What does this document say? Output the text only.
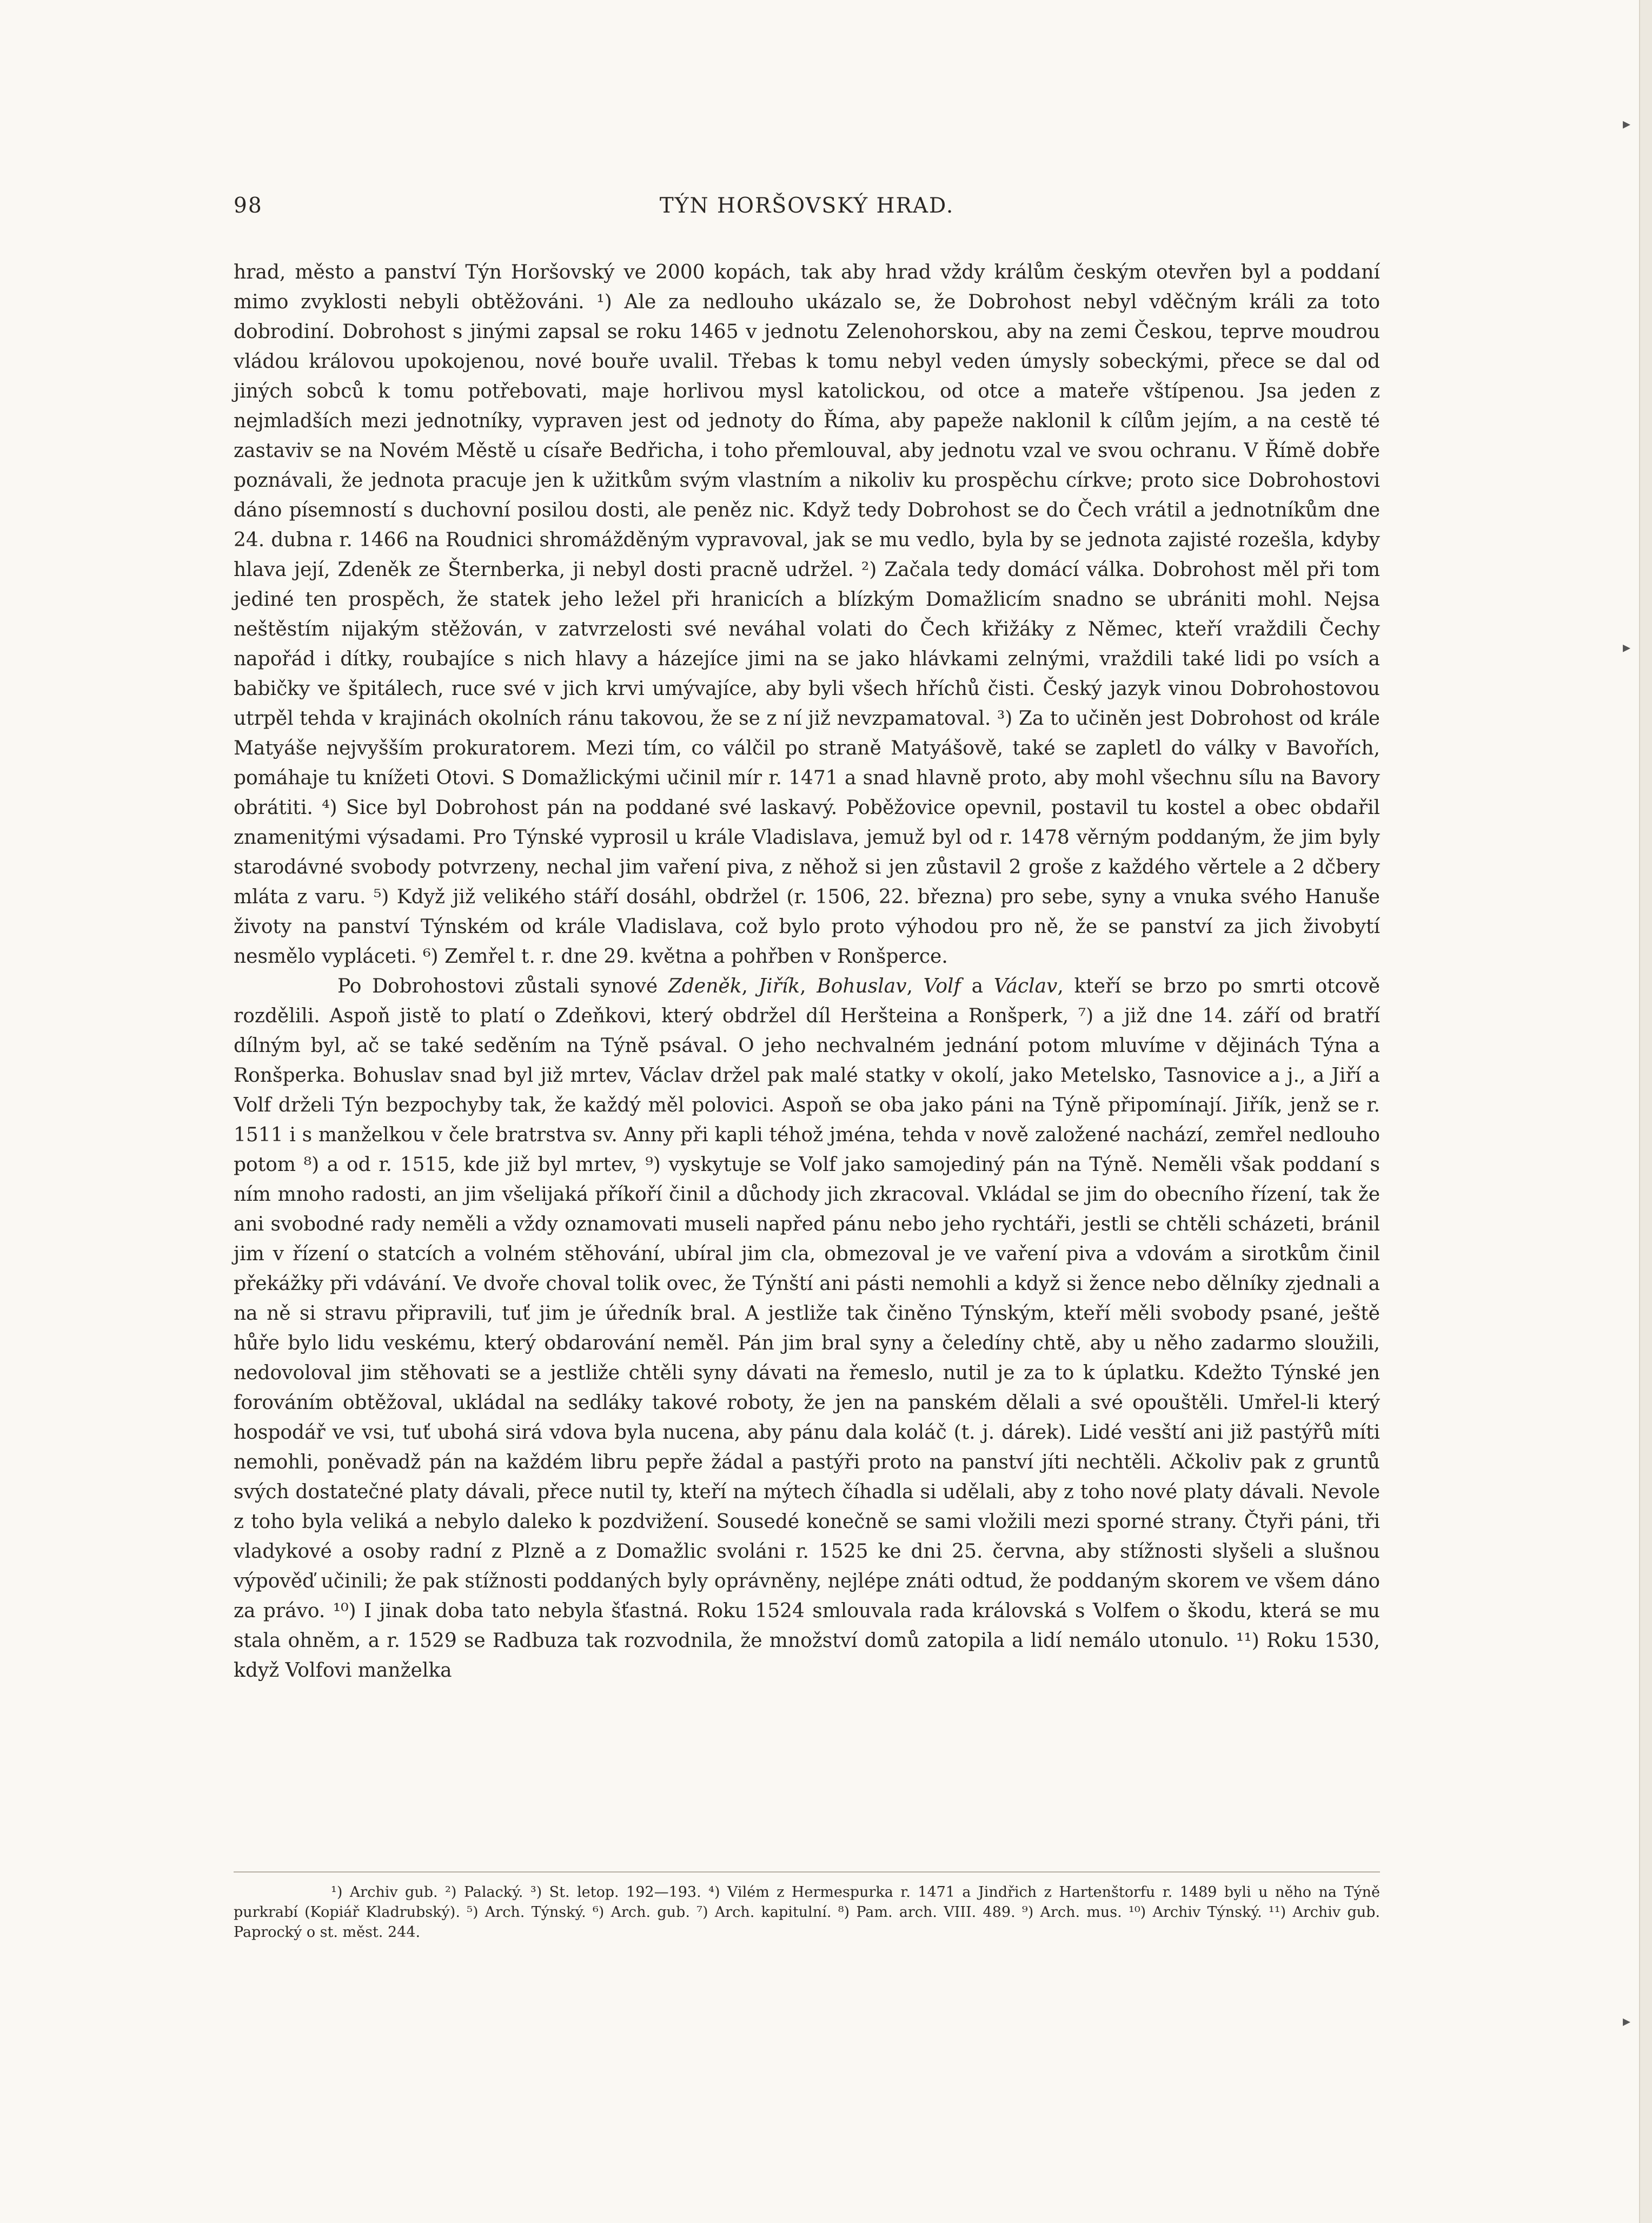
▸
▸
▸
98	TÝN HORŠOVSKÝ HRAD.

hrad, město a panství Týn Horšovský ve 2000 kopách, tak aby hrad vždy králům českým otevřen byl a poddaní mimo zvyklosti nebyli obtěžováni. ¹) Ale za nedlouho ukázalo se, že Dobrohost nebyl vděčným králi za toto dobrodiní. Dobrohost s jinými zapsal se roku 1465 v jednotu Zelenohorskou, aby na zemi Českou, teprve moudrou vládou královou upokojenou, nové bouře uvalil. Třebas k tomu nebyl veden úmysly sobeckými, přece se dal od jiných sobců k tomu potřebovati, maje horlivou mysl katolickou, od otce a mateře vštípenou. Jsa jeden z nejmladších mezi jednotníky, vypraven jest od jednoty do Říma, aby papeže naklonil k cílům jejím, a na cestě té zastaviv se na Novém Městě u císaře Bedřicha, i toho přemlouval, aby jednotu vzal ve svou ochranu. V Římě dobře poznávali, že jednota pracuje jen k užitkům svým vlastním a nikoliv ku prospěchu církve; proto sice Dobrohostovi dáno písemností s duchovní posilou dosti, ale peněz nic. Když tedy Dobrohost se do Čech vrátil a jednotníkům dne 24. dubna r. 1466 na Roudnici shromážděným vypravoval, jak se mu vedlo, byla by se jednota zajisté rozešla, kdyby hlava její, Zdeněk ze Šternberka, ji nebyl dosti pracně udržel. ²) Začala tedy domácí válka. Dobrohost měl při tom jediné ten prospěch, že statek jeho ležel při hranicích a blízkým Domažlicím snadno se ubrániti mohl. Nejsa neštěstím nijakým stěžován, v zatvrzelosti své neváhal volati do Čech křižáky z Němec, kteří vraždili Čechy napořád i dítky, roubajíce s nich hlavy a házejíce jimi na se jako hlávkami zelnými, vraždili také lidi po vsích a babičky ve špitálech, ruce své v jich krvi umývajíce, aby byli všech hříchů čisti. Český jazyk vinou Dobrohostovou utrpěl tehda v krajinách okolních ránu takovou, že se z ní již nevzpamatoval. ³) Za to učiněn jest Dobrohost od krále Matyáše nejvyšším prokuratorem. Mezi tím, co válčil po straně Matyášově, také se zapletl do války v Bavořích, pomáhaje tu knížeti Otovi. S Domažlickými učinil mír r. 1471 a snad hlavně proto, aby mohl všechnu sílu na Bavory obrátiti. ⁴) Sice byl Dobrohost pán na poddané své laskavý. Poběžovice opevnil, postavil tu kostel a obec obdařil znamenitými výsadami. Pro Týnské vyprosil u krále Vladislava, jemuž byl od r. 1478 věrným poddaným, že jim byly starodávné svobody potvrzeny, nechal jim vaření piva, z něhož si jen zůstavil 2 groše z každého věrtele a 2 dčbery mláta z varu. ⁵) Když již velikého stáří dosáhl, obdržel (r. 1506, 22. března) pro sebe, syny a vnuka svého Hanuše životy na panství Týnském od krále Vladislava, což bylo proto výhodou pro ně, že se panství za jich živobytí nesmělo vypláceti. ⁶) Zemřel t. r. dne 29. května a pohřben v Ronšperce.

Po Dobrohostovi zůstali synové Zdeněk, Jiřík, Bohuslav, Volf a Václav, kteří se brzo po smrti otcově rozdělili. Aspoň jistě to platí o Zdeňkovi, který obdržel díl Heršteina a Ronšperk, ⁷) a již dne 14. září od bratří dílným byl, ač se také seděním na Týně psával. O jeho nechvalném jednání potom mluvíme v dějinách Týna a Ronšperka. Bohuslav snad byl již mrtev, Václav držel pak malé statky v okolí, jako Metelsko, Tasnovice a j., a Jiří a Volf drželi Týn bezpochyby tak, že každý měl polovici. Aspoň se oba jako páni na Týně připomínají. Jiřík, jenž se r. 1511 i s manželkou v čele bratrstva sv. Anny při kapli téhož jména, tehda v nově založené nachází, zemřel nedlouho potom ⁸) a od r. 1515, kde již byl mrtev, ⁹) vyskytuje se Volf jako samojediný pán na Týně. Neměli však poddaní s ním mnoho radosti, an jim všelijaká příkoří činil a důchody jich zkracoval. Vkládal se jim do obecního řízení, tak že ani svobodné rady neměli a vždy oznamovati museli napřed pánu nebo jeho rychtáři, jestli se chtěli scházeti, bránil jim v řízení o statcích a volném stěhování, ubíral jim cla, obmezoval je ve vaření piva a vdovám a sirotkům činil překážky při vdávání. Ve dvoře choval tolik ovec, že Týnští ani pásti nemohli a když si žence nebo dělníky zjednali a na ně si stravu připravili, tuť jim je úředník bral. A jestliže tak činěno Týnským, kteří měli svobody psané, ještě hůře bylo lidu veskému, který obdarování neměl. Pán jim bral syny a čeledíny chtě, aby u něho zadarmo sloužili, nedovoloval jim stěhovati se a jestliže chtěli syny dávati na řemeslo, nutil je za to k úplatku. Kdežto Týnské jen forováním obtěžoval, ukládal na sedláky takové roboty, že jen na panském dělali a své opouštěli. Umřel-li který hospodář ve vsi, tuť ubohá sirá vdova byla nucena, aby pánu dala koláč (t. j. dárek). Lidé vesští ani již pastýřů míti nemohli, poněvadž pán na každém libru pepře žádal a pastýři proto na panství jíti nechtěli. Ačkoliv pak z gruntů svých dostatečné platy dávali, přece nutil ty, kteří na mýtech číhadla si udělali, aby z toho nové platy dávali. Nevole z toho byla veliká a nebylo daleko k pozdvižení. Sousedé konečně se sami vložili mezi sporné strany. Čtyři páni, tři vladykové a osoby radní z Plzně a z Domažlic svoláni r. 1525 ke dni 25. června, aby stížnosti slyšeli a slušnou výpověď učinili; že pak stížnosti poddaných byly oprávněny, nejlépe znáti odtud, že poddaným skorem ve všem dáno za právo. ¹⁰) I jinak doba tato nebyla šťastná. Roku 1524 smlouvala rada královská s Volfem o škodu, která se mu stala ohněm, a r. 1529 se Radbuza tak rozvodnila, že množství domů zatopila a lidí nemálo utonulo. ¹¹) Roku 1530, když Volfovi manželka

¹) Archiv gub. ²) Palacký. ³) St. letop. 192—193. ⁴) Vilém z Hermespurka r. 1471 a Jindřich z Hartenštorfu r. 1489 byli u něho na Týně purkrabí (Kopiář Kladrubský). ⁵) Arch. Týnský. ⁶) Arch. gub. ⁷) Arch. kapitulní. ⁸) Pam. arch. VIII. 489. ⁹) Arch. mus. ¹⁰) Archiv Týnský. ¹¹) Archiv gub. Paprocký o st. měst. 244.
